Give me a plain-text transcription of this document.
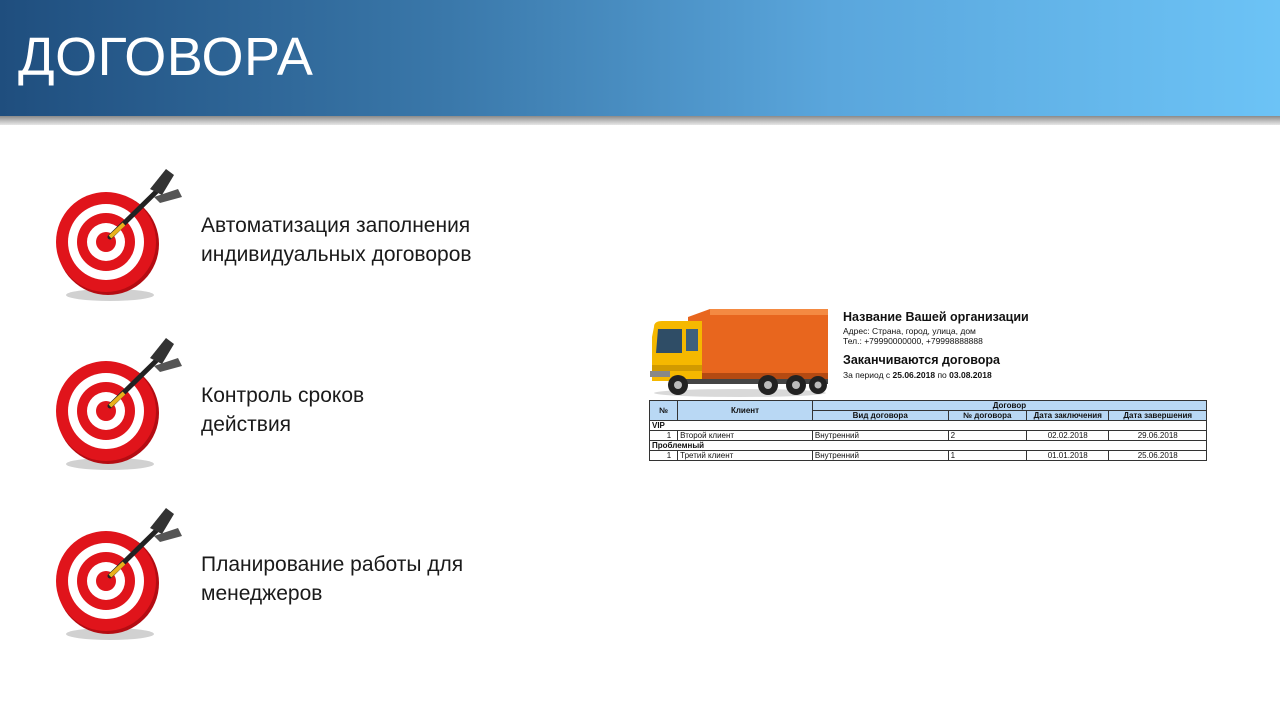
ДОГОВОРА
Автоматизация заполнения
индивидуальных договоров
Контроль сроков
действия
Планирование работы для
менеджеров
Название Вашей организации
Адрес: Страна, город, улица, дом
Тел.: +79990000000, +79998888888
Заканчиваются договора
За период с 25.06.2018 по 03.08.2018
№	Клиент	Договор			
		Вид договора	№ договора	Дата заключения	Дата завершения
VIP					
1	Второй клиент	Внутренний	2	02.02.2018	29.06.2018
Проблемный					
1	Третий клиент	Внутренний	1	01.01.2018	25.06.2018
